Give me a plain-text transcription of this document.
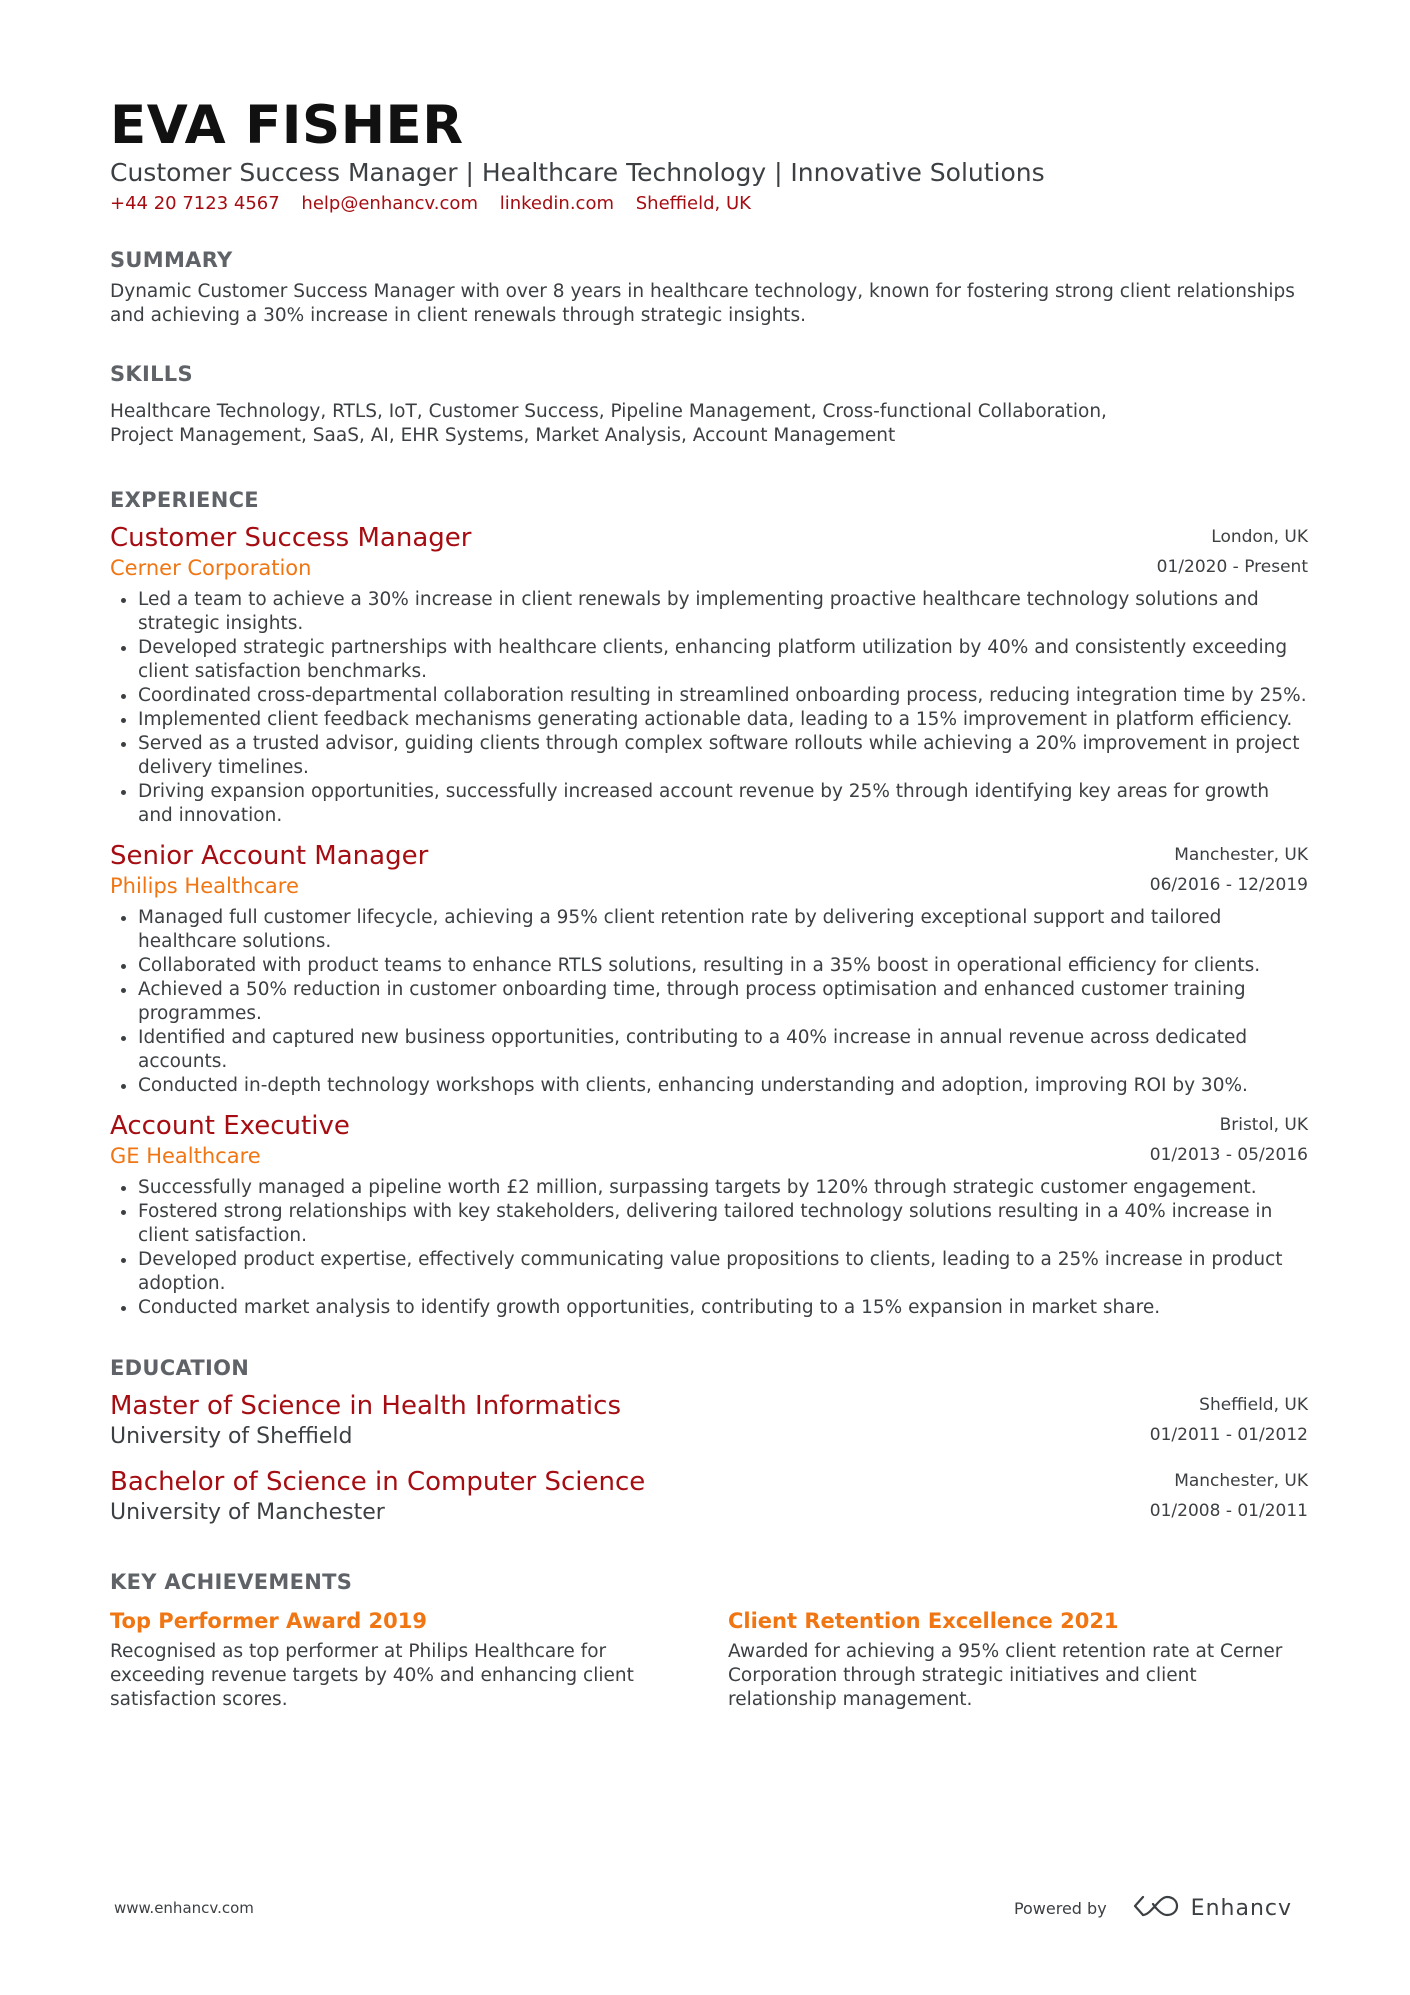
EVA FISHER
Customer Success Manager | Healthcare Technology | Innovative Solutions
+44 20 7123 4567 help@enhancv.com linkedin.com Sheffield, UK
SUMMARY
Dynamic Customer Success Manager with over 8 years in healthcare technology, known for fostering strong client relationships and achieving a 30% increase in client renewals through strategic insights.
SKILLS
Healthcare Technology, RTLS, IoT, Customer Success, Pipeline Management, Cross-functional Collaboration, Project Management, SaaS, AI, EHR Systems, Market Analysis, Account Management
EXPERIENCE
Customer Success Manager
Cerner Corporation
London, UK
01/2020 - Present
• Led a team to achieve a 30% increase in client renewals by implementing proactive healthcare technology solutions and strategic insights.
• Developed strategic partnerships with healthcare clients, enhancing platform utilization by 40% and consistently exceeding client satisfaction benchmarks.
• Coordinated cross-departmental collaboration resulting in streamlined onboarding process, reducing integration time by 25%.
• Implemented client feedback mechanisms generating actionable data, leading to a 15% improvement in platform efficiency.
• Served as a trusted advisor, guiding clients through complex software rollouts while achieving a 20% improvement in project delivery timelines.
• Driving expansion opportunities, successfully increased account revenue by 25% through identifying key areas for growth and innovation.
Senior Account Manager
Philips Healthcare
Manchester, UK
06/2016 - 12/2019
• Managed full customer lifecycle, achieving a 95% client retention rate by delivering exceptional support and tailored healthcare solutions.
• Collaborated with product teams to enhance RTLS solutions, resulting in a 35% boost in operational efficiency for clients.
• Achieved a 50% reduction in customer onboarding time, through process optimisation and enhanced customer training programmes.
• Identified and captured new business opportunities, contributing to a 40% increase in annual revenue across dedicated accounts.
• Conducted in-depth technology workshops with clients, enhancing understanding and adoption, improving ROI by 30%.
Account Executive
GE Healthcare
Bristol, UK
01/2013 - 05/2016
• Successfully managed a pipeline worth £2 million, surpassing targets by 120% through strategic customer engagement.
• Fostered strong relationships with key stakeholders, delivering tailored technology solutions resulting in a 40% increase in client satisfaction.
• Developed product expertise, effectively communicating value propositions to clients, leading to a 25% increase in product adoption.
• Conducted market analysis to identify growth opportunities, contributing to a 15% expansion in market share.
EDUCATION
Master of Science in Health Informatics
University of Sheffield
Sheffield, UK
01/2011 - 01/2012
Bachelor of Science in Computer Science
University of Manchester
Manchester, UK
01/2008 - 01/2011
KEY ACHIEVEMENTS
Top Performer Award 2019
Recognised as top performer at Philips Healthcare for exceeding revenue targets by 40% and enhancing client satisfaction scores.
Client Retention Excellence 2021
Awarded for achieving a 95% client retention rate at Cerner Corporation through strategic initiatives and client relationship management.
www.enhancv.com	Powered by	Enhancv
